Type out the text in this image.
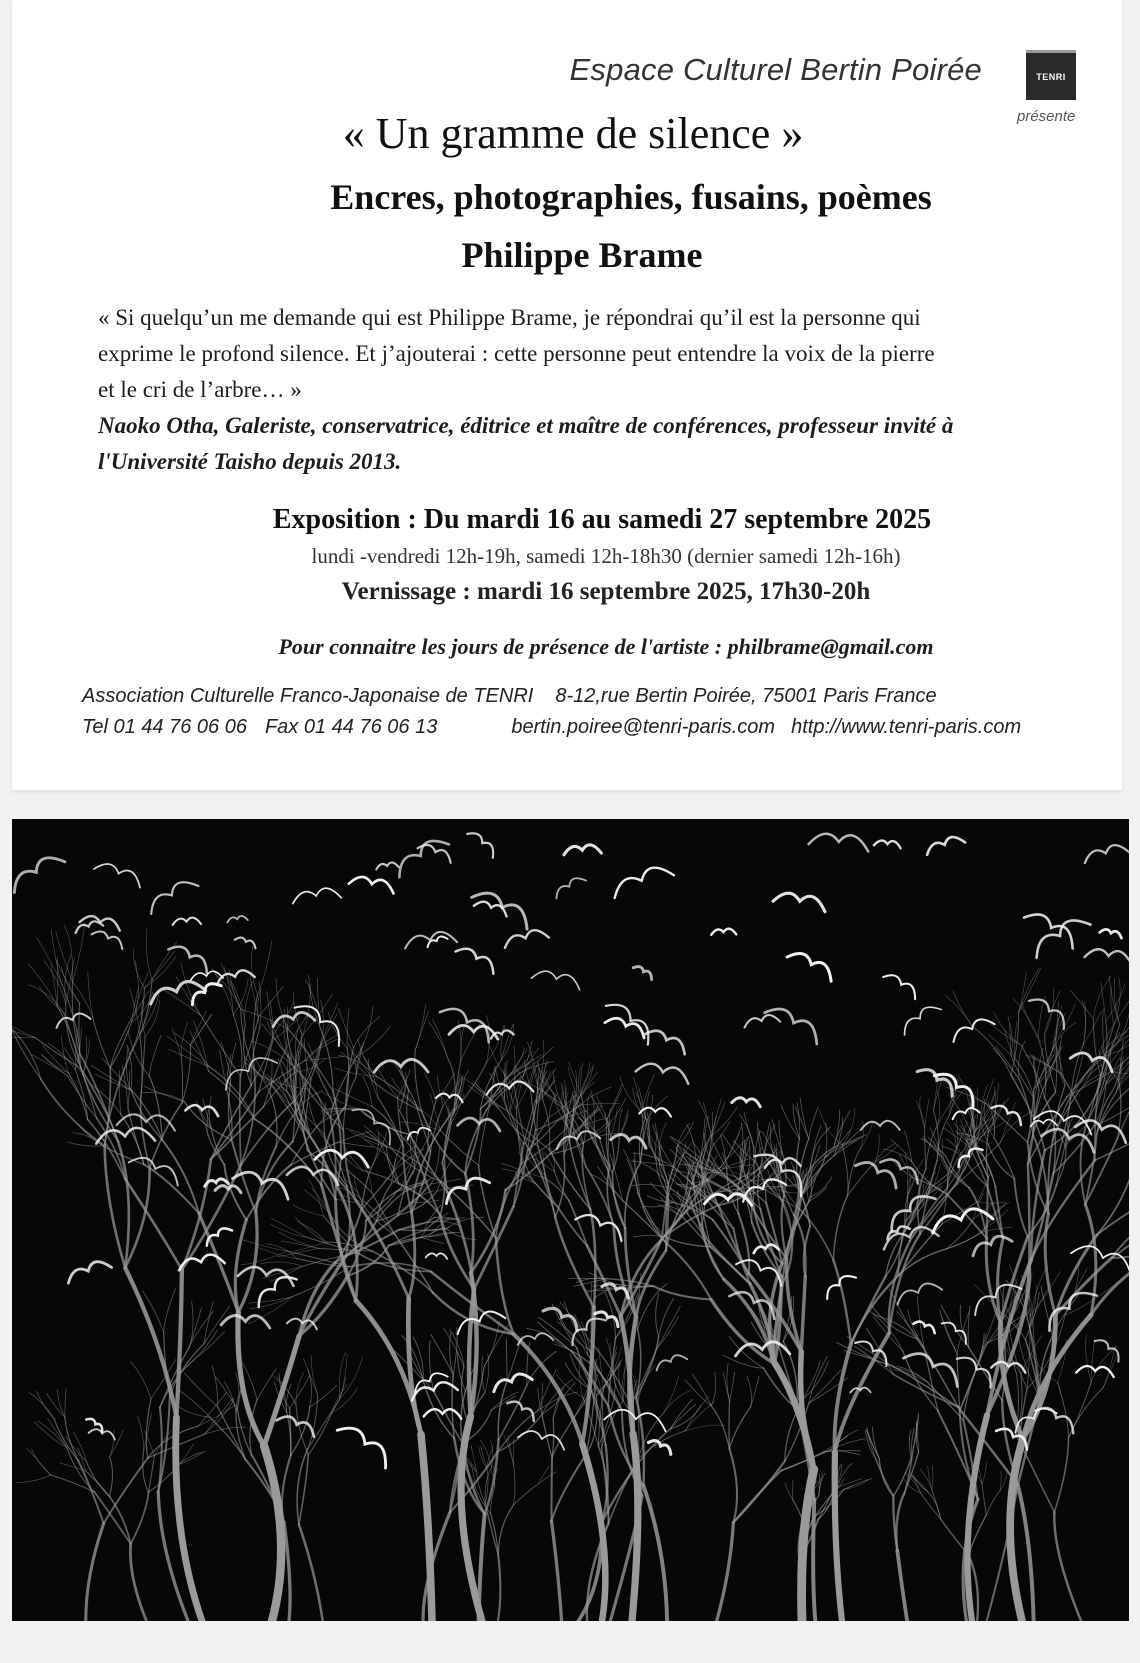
Espace Culturel Bertin Poirée	TENRI
présente
« Un gramme de silence »
Encres, photographies, fusains, poèmes
Philippe Brame
« Si quelqu’un me demande qui est Philippe Brame, je répondrai qu’il est la personne qui
exprime le profond silence. Et j’ajouterai : cette personne peut entendre la voix de la pierre
et le cri de l’arbre… »
Naoko Otha, Galeriste, conservatrice, éditrice et maître de conférences, professeur invité à
l'Université Taisho depuis 2013.
Exposition : Du mardi 16 au samedi 27 septembre 2025
lundi -vendredi 12h-19h, samedi 12h-18h30 (dernier samedi 12h-16h)
Vernissage : mardi 16 septembre 2025, 17h30-20h
Pour connaitre les jours de présence de l'artiste : philbrame@gmail.com
Association Culturelle Franco-Japonaise de TENRI 8-12,rue Bertin Poirée, 75001 Paris France
Tel 01 44 76 06 06 Fax 01 44 76 06 13	bertin.poiree@tenri-paris.com http://www.tenri-paris.com
